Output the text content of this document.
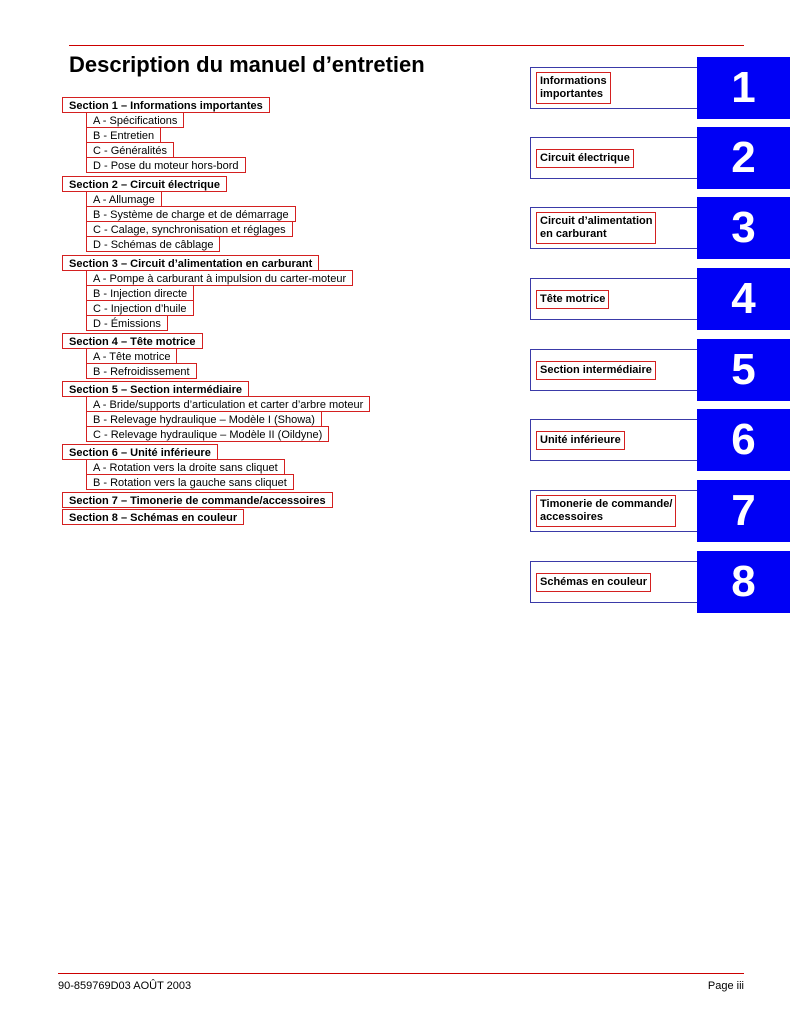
Description du manuel d’entretien
Section 1 – Informations importantes
A - Spécifications
B - Entretien
C - Généralités
D - Pose du moteur hors-bord
Section 2 – Circuit électrique
A - Allumage
B - Système de charge et de démarrage
C - Calage, synchronisation et réglages
D - Schémas de câblage
Section 3 – Circuit d’alimentation en carburant
A - Pompe à carburant à impulsion du carter-moteur
B - Injection directe
C - Injection d’huile
D - Émissions
Section 4 – Tête motrice
A - Tête motrice
B - Refroidissement
Section 5 – Section intermédiaire
A - Bride/supports d’articulation et carter d’arbre moteur
B - Relevage hydraulique – Modèle I (Showa)
C - Relevage hydraulique – Modèle II (Oildyne)
Section 6 – Unité inférieure
A - Rotation vers la droite sans cliquet
B - Rotation vers la gauche sans cliquet
Section 7 – Timonerie de commande/accessoires
Section 8 – Schémas en couleur
Informations
importantes	1
Circuit électrique	2
Circuit d’alimentation
en carburant	3
Tête motrice	4
Section intermédiaire	5
Unité inférieure	6
Timonerie de commande/
accessoires	7
Schémas en couleur	8
90-859769D03 AOÛT 2003	Page iii
